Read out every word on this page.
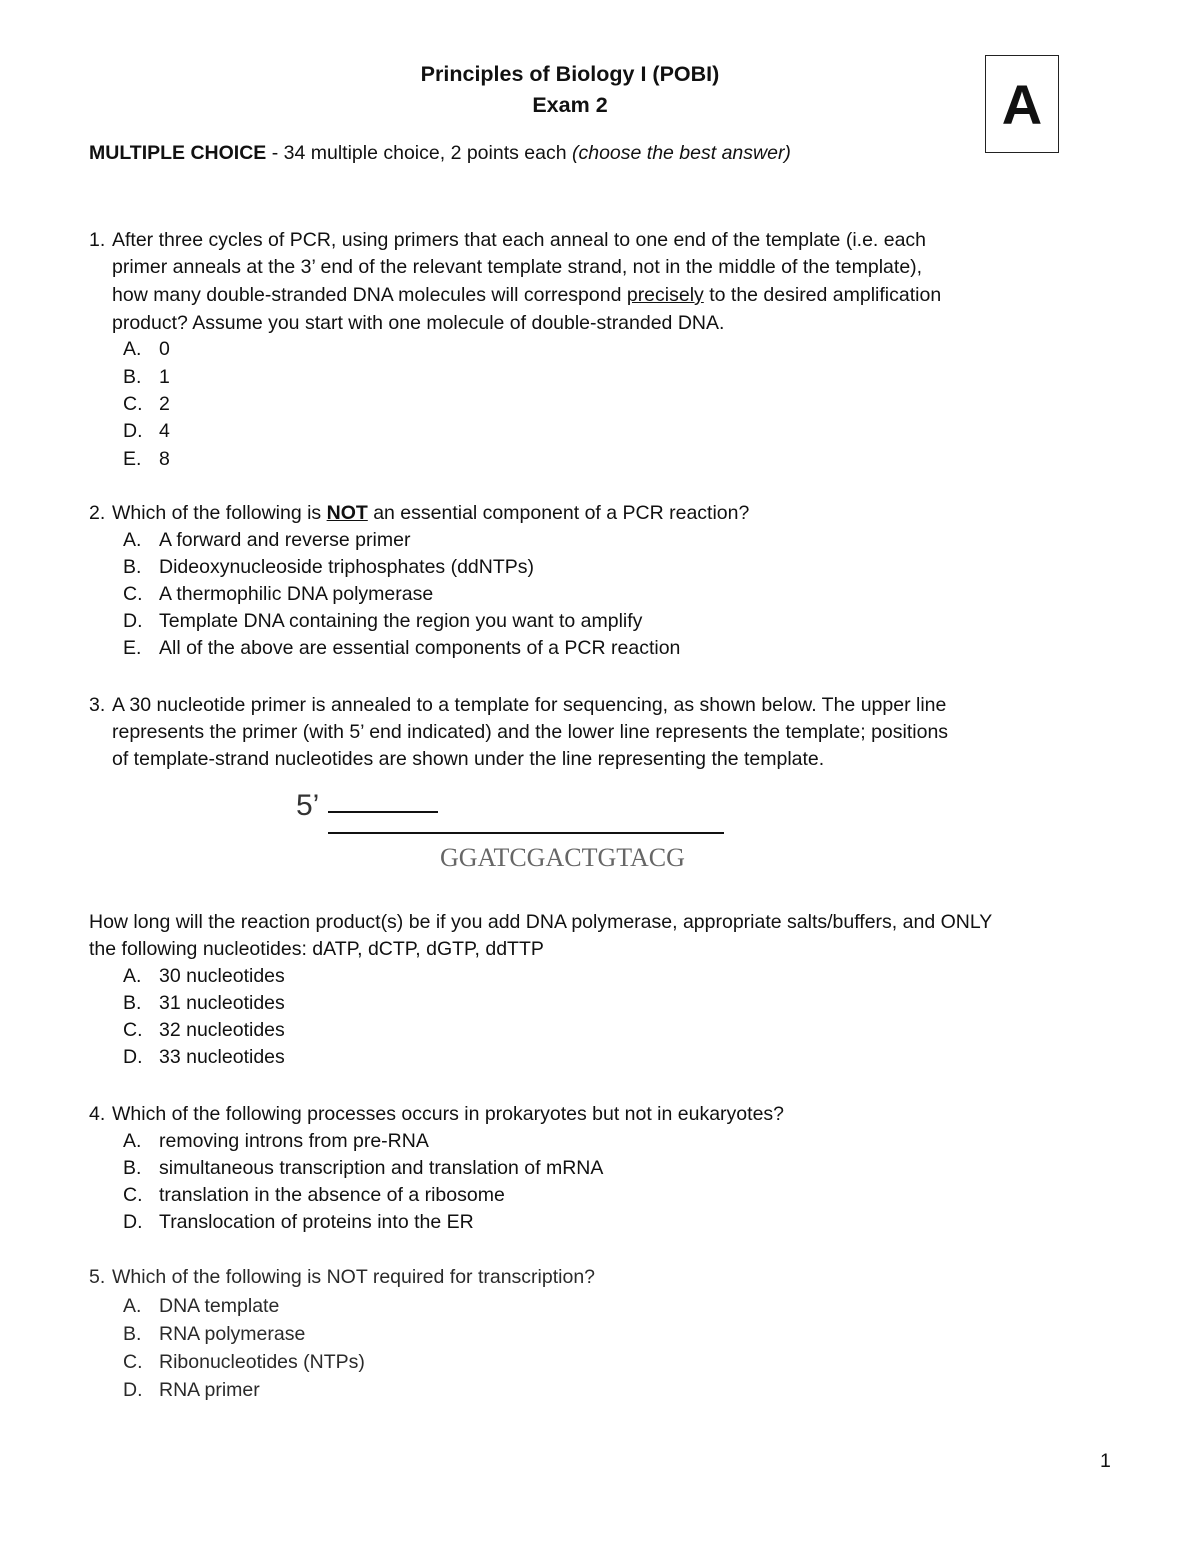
Principles of Biology I (POBI)
Exam 2	A
MULTIPLE CHOICE - 34 multiple choice, 2 points each (choose the best answer)
1. After three cycles of PCR, using primers that each anneal to one end of the template (i.e. each
primer anneals at the 3’ end of the relevant template strand, not in the middle of the template),
how many double-stranded DNA molecules will correspond precisely to the desired amplification
product? Assume you start with one molecule of double-stranded DNA.
A. 0
B. 1
C. 2
D. 4
E. 8
2. Which of the following is NOT an essential component of a PCR reaction?
A. A forward and reverse primer
B. Dideoxynucleoside triphosphates (ddNTPs)
C. A thermophilic DNA polymerase
D. Template DNA containing the region you want to amplify
E. All of the above are essential components of a PCR reaction
3. A 30 nucleotide primer is annealed to a template for sequencing, as shown below. The upper line
represents the primer (with 5’ end indicated) and the lower line represents the template; positions
of template-strand nucleotides are shown under the line representing the template.
5’
GGATCGACTGTACG
How long will the reaction product(s) be if you add DNA polymerase, appropriate salts/buffers, and ONLY
the following nucleotides: dATP, dCTP, dGTP, ddTTP
A. 30 nucleotides
B. 31 nucleotides
C. 32 nucleotides
D. 33 nucleotides
4. Which of the following processes occurs in prokaryotes but not in eukaryotes?
A. removing introns from pre-RNA
B. simultaneous transcription and translation of mRNA
C. translation in the absence of a ribosome
D. Translocation of proteins into the ER
5. Which of the following is NOT required for transcription?
A. DNA template
B. RNA polymerase
C. Ribonucleotides (NTPs)
D. RNA primer
1
